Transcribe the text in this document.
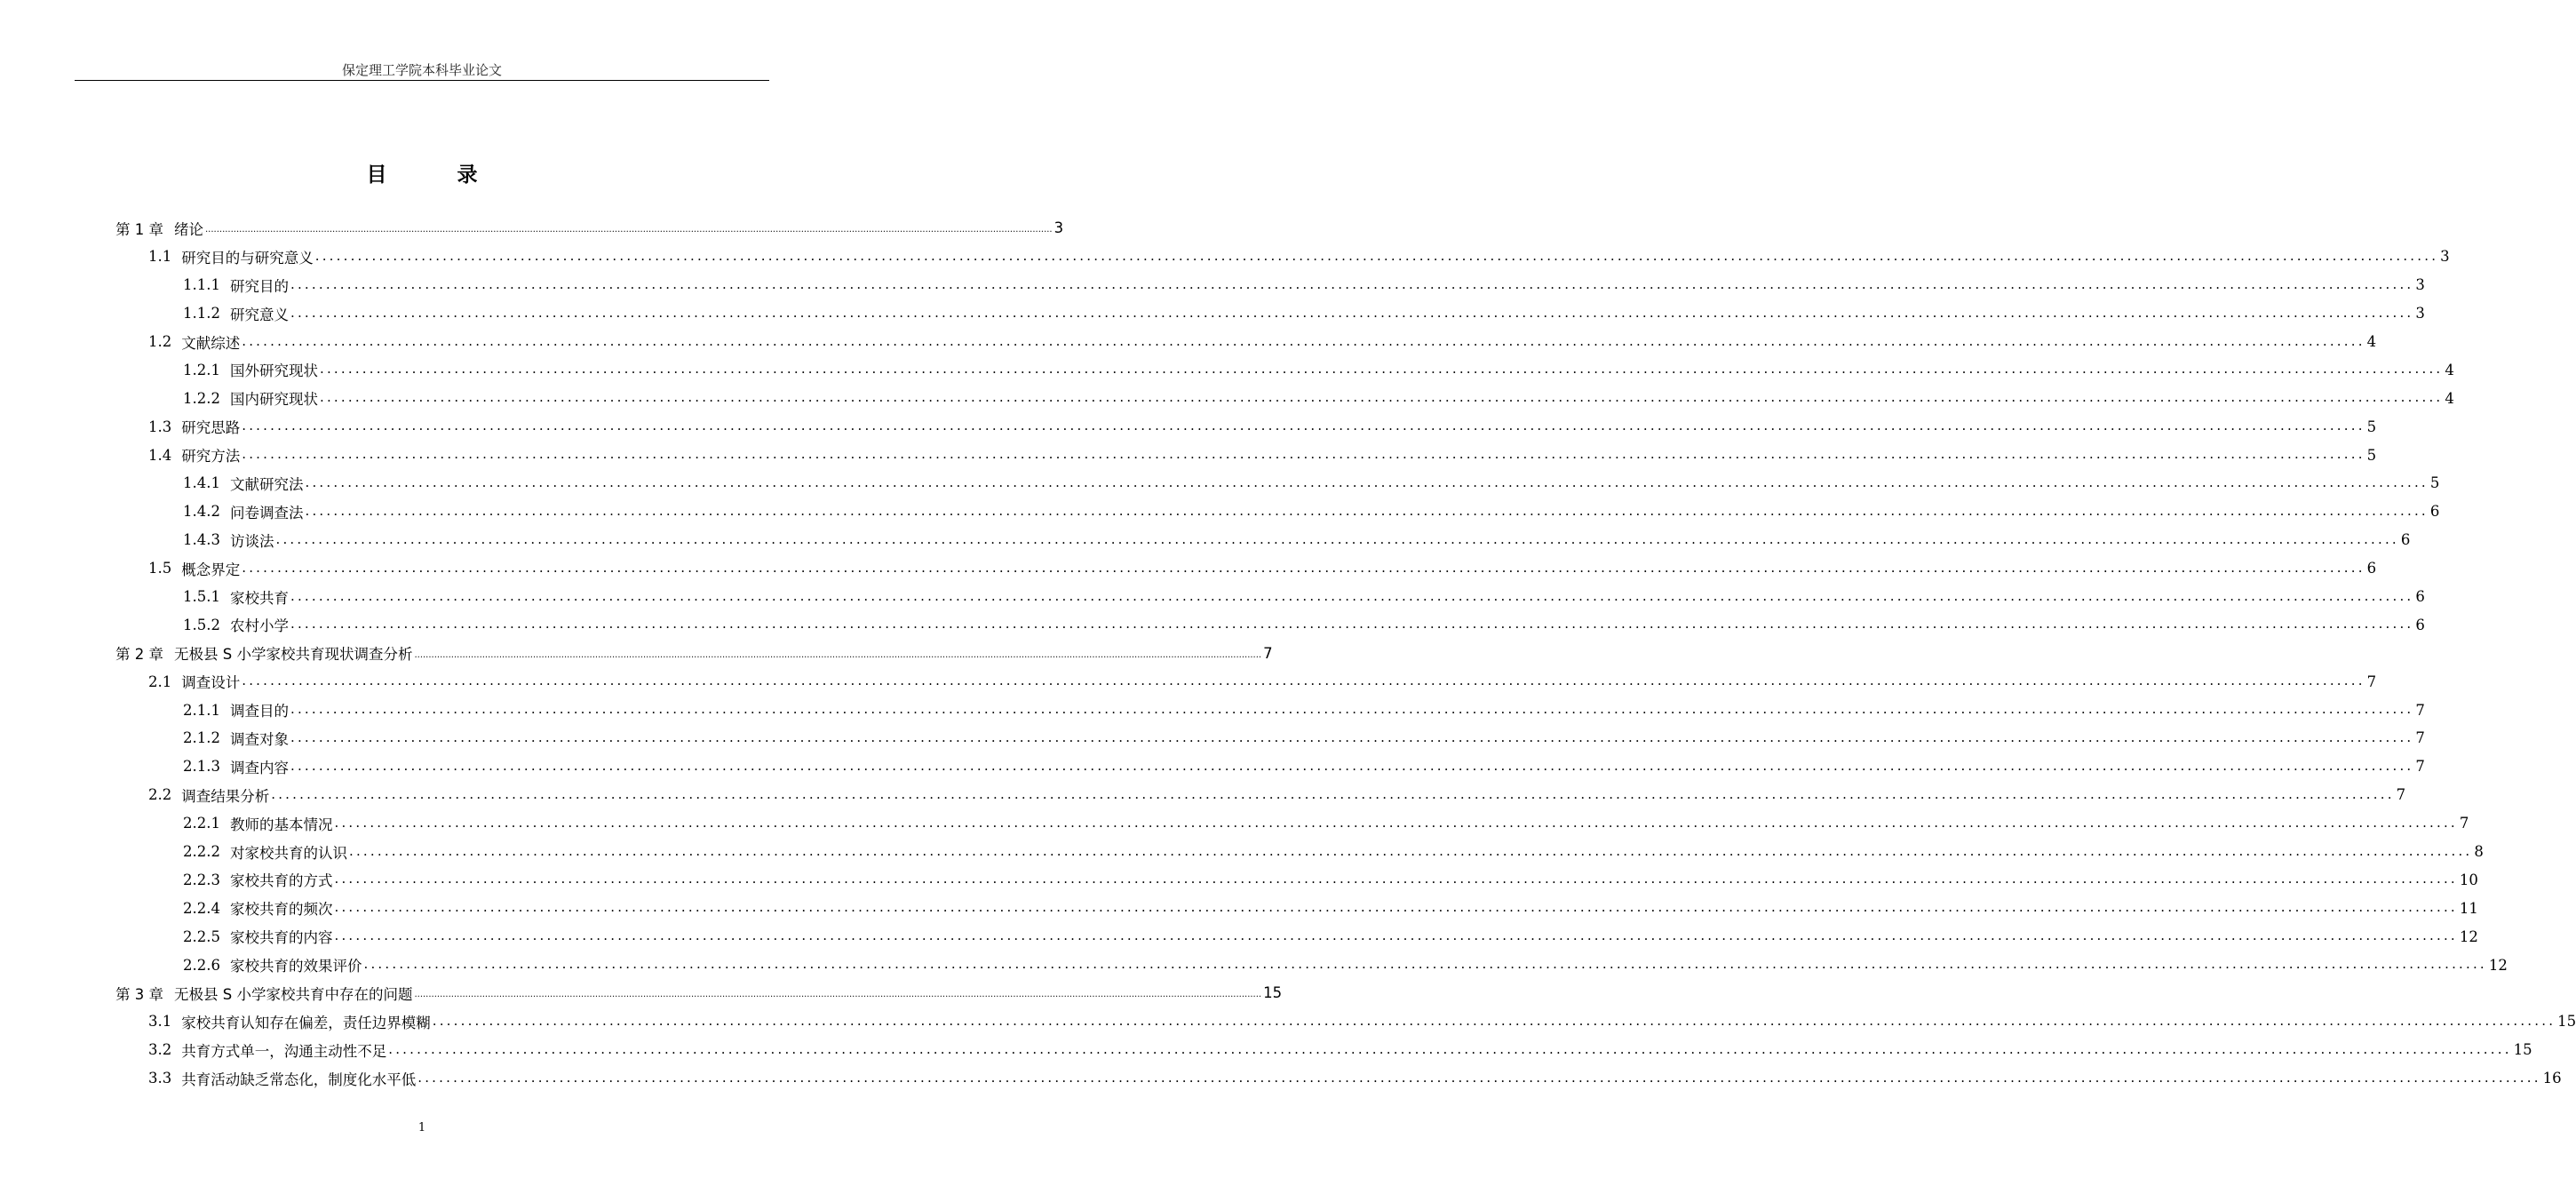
保定理工学院本科毕业论文
目　录
第 1 章 绪论 ............................................................................................................................................................................................................................................................................................................ 3
1.1 研究目的与研究意义 ............................................................................................................................................................................................................................................................................................................ 3
1.1.1 研究目的 ............................................................................................................................................................................................................................................................................................................ 3
1.1.2 研究意义 ............................................................................................................................................................................................................................................................................................................ 3
1.2 文献综述 ............................................................................................................................................................................................................................................................................................................ 4
1.2.1 国外研究现状 ............................................................................................................................................................................................................................................................................................................ 4
1.2.2 国内研究现状 ............................................................................................................................................................................................................................................................................................................ 4
1.3 研究思路 ............................................................................................................................................................................................................................................................................................................ 5
1.4 研究方法 ............................................................................................................................................................................................................................................................................................................ 5
1.4.1 文献研究法 ............................................................................................................................................................................................................................................................................................................ 5
1.4.2 问卷调查法 ............................................................................................................................................................................................................................................................................................................ 6
1.4.3 访谈法 ............................................................................................................................................................................................................................................................................................................ 6
1.5 概念界定 ............................................................................................................................................................................................................................................................................................................ 6
1.5.1 家校共育 ............................................................................................................................................................................................................................................................................................................ 6
1.5.2 农村小学 ............................................................................................................................................................................................................................................................................................................ 6
第 2 章 无极县 S 小学家校共育现状调查分析 ............................................................................................................................................................................................................................................................................................................ 7
2.1 调查设计 ............................................................................................................................................................................................................................................................................................................ 7
2.1.1 调查目的 ............................................................................................................................................................................................................................................................................................................ 7
2.1.2 调查对象 ............................................................................................................................................................................................................................................................................................................ 7
2.1.3 调查内容 ............................................................................................................................................................................................................................................................................................................ 7
2.2 调查结果分析 ............................................................................................................................................................................................................................................................................................................ 7
2.2.1 教师的基本情况 ............................................................................................................................................................................................................................................................................................................ 7
2.2.2 对家校共育的认识 ............................................................................................................................................................................................................................................................................................................ 8
2.2.3 家校共育的方式 ............................................................................................................................................................................................................................................................................................................ 10
2.2.4 家校共育的频次 ............................................................................................................................................................................................................................................................................................................ 11
2.2.5 家校共育的内容 ............................................................................................................................................................................................................................................................................................................ 12
2.2.6 家校共育的效果评价 ............................................................................................................................................................................................................................................................................................................ 12
第 3 章 无极县 S 小学家校共育中存在的问题 ............................................................................................................................................................................................................................................................................................................ 15
3.1 家校共育认知存在偏差，责任边界模糊 ............................................................................................................................................................................................................................................................................................................ 15
3.2 共育方式单一，沟通主动性不足 ............................................................................................................................................................................................................................................................................................................ 15
3.3 共育活动缺乏常态化，制度化水平低 ............................................................................................................................................................................................................................................................................................................ 16
1
